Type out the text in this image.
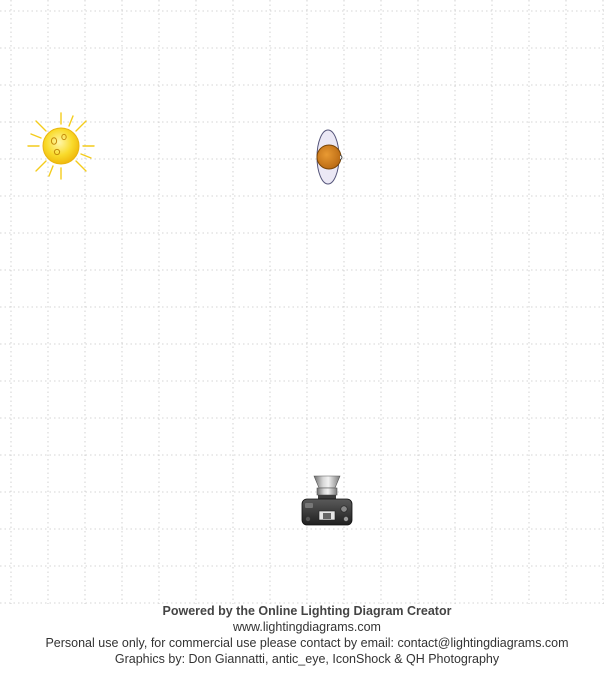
Powered by the Online Lighting Diagram Creator
www.lightingdiagrams.com
Personal use only, for commercial use please contact by email: contact@lightingdiagrams.com
Graphics by: Don Giannatti, antic_eye, IconShock & QH Photography
